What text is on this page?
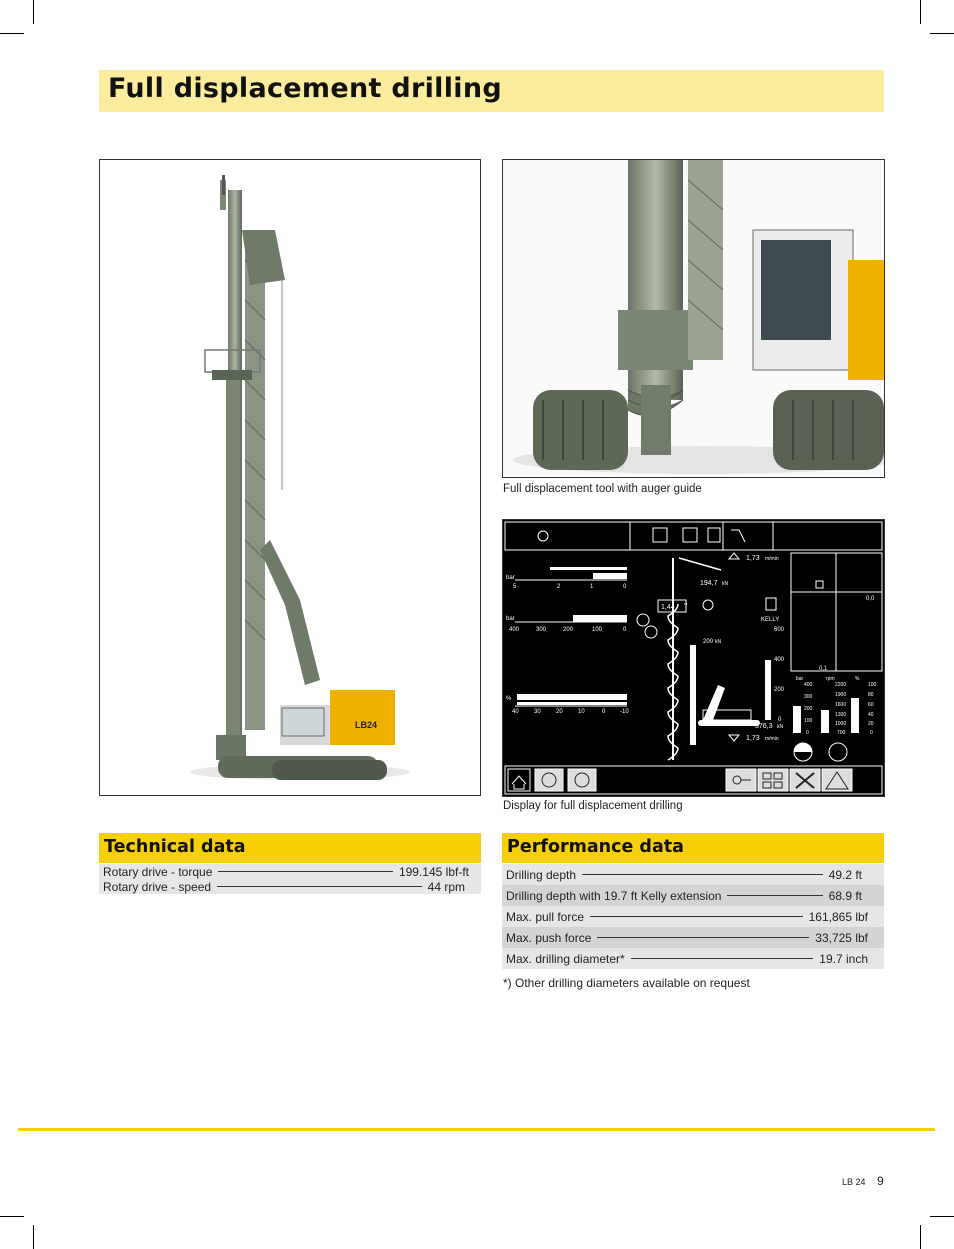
Full displacement drilling
LB24
Full displacement tool with auger guide
bar
5	2	1	0
bar
400	300	200	100	0
%
40	30	20	10	0 -10
1,44
m
1,73 m/min
194,7 kN
200 kN
376,3 kN
1,73 m/min
KELLY
600
400
200
0
0,0
0,1
bar	rpm	%
400
300
200
100
0
2200
1900
1600
1300
1000
700
100
80
60
40
20
0
Display for full displacement drilling
Technical data
Rotary drive - torque	199.145 lbf-ft
Rotary drive - speed	44 rpm
Performance data
Drilling depth	49.2 ft
Drilling depth with 19.7 ft Kelly extension	68.9 ft
Max. pull force	161,865 lbf
Max. push force	33,725 lbf
Max. drilling diameter*	19.7 inch
*) Other drilling diameters available on request
LB 24 9
